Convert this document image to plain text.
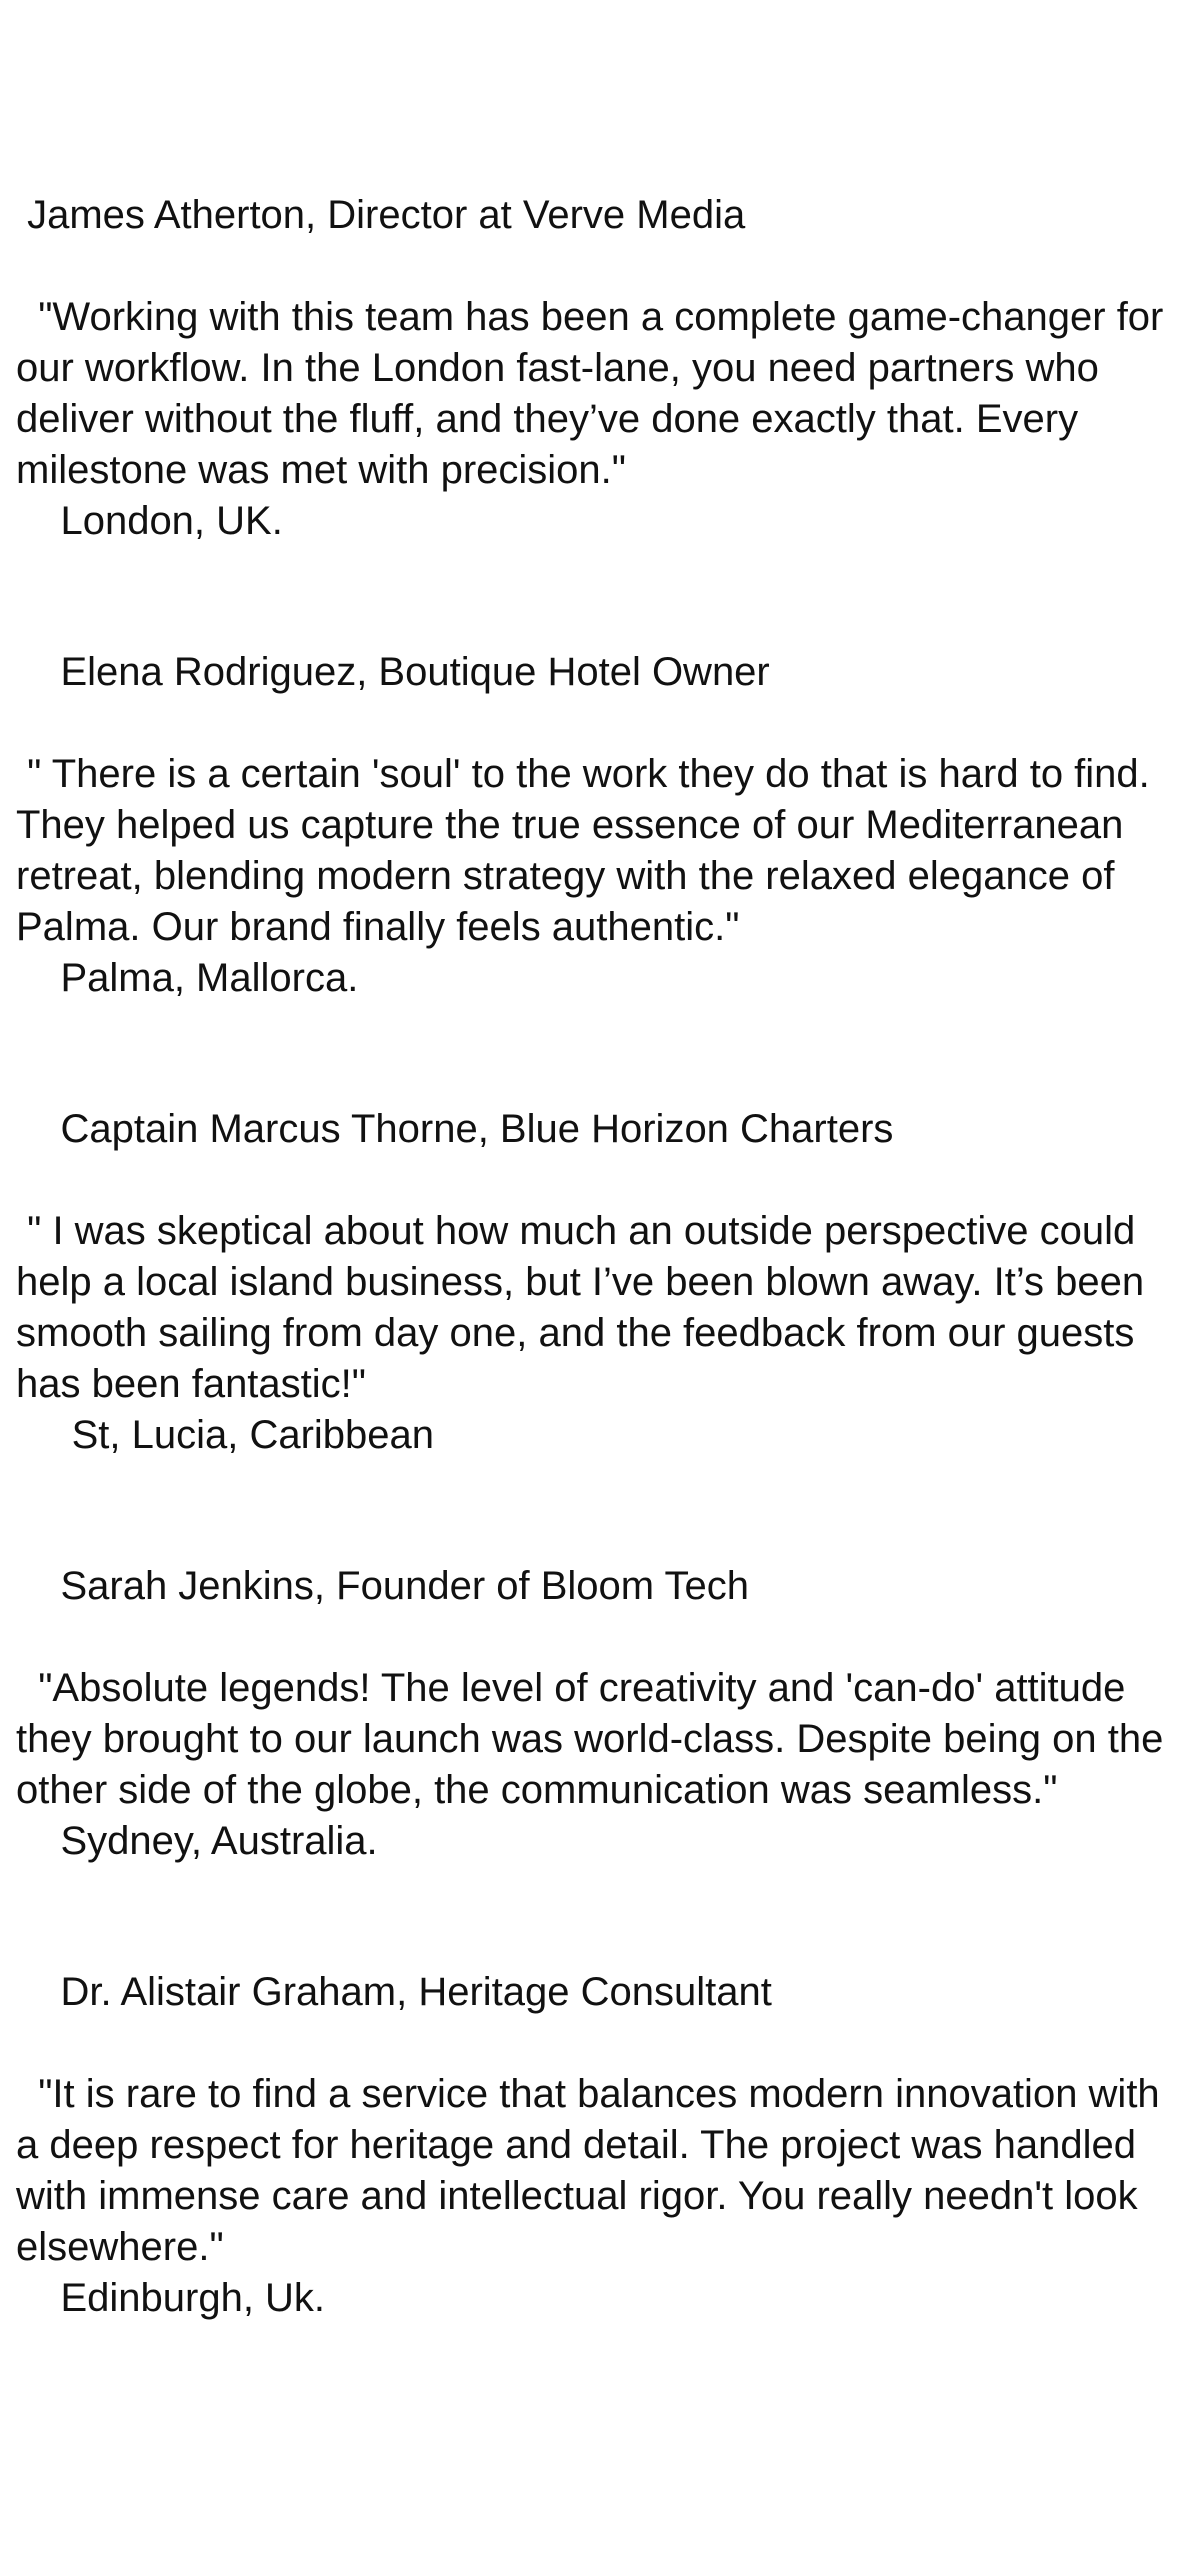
James Atherton, Director at Verve Media

"Working with this team has been a complete game-changer for our workflow. In the London fast-lane, you need partners who deliver without the fluff, and they’ve done exactly that. Every milestone was met with precision."

London, UK.

Elena Rodriguez, Boutique Hotel Owner

" There is a certain 'soul' to the work they do that is hard to find. They helped us capture the true essence of our Mediterranean retreat, blending modern strategy with the relaxed elegance of Palma. Our brand finally feels authentic."

Palma, Mallorca.

Captain Marcus Thorne, Blue Horizon Charters

" I was skeptical about how much an outside perspective could help a local island business, but I’ve been blown away. It’s been smooth sailing from day one, and the feedback from our guests has been fantastic!"

St, Lucia, Caribbean

Sarah Jenkins, Founder of Bloom Tech

"Absolute legends! The level of creativity and 'can-do' attitude they brought to our launch was world-class. Despite being on the other side of the globe, the communication was seamless."

Sydney, Australia.

Dr. Alistair Graham, Heritage Consultant

"It is rare to find a service that balances modern innovation with a deep respect for heritage and detail. The project was handled with immense care and intellectual rigor. You really needn't look elsewhere."

Edinburgh, Uk.
